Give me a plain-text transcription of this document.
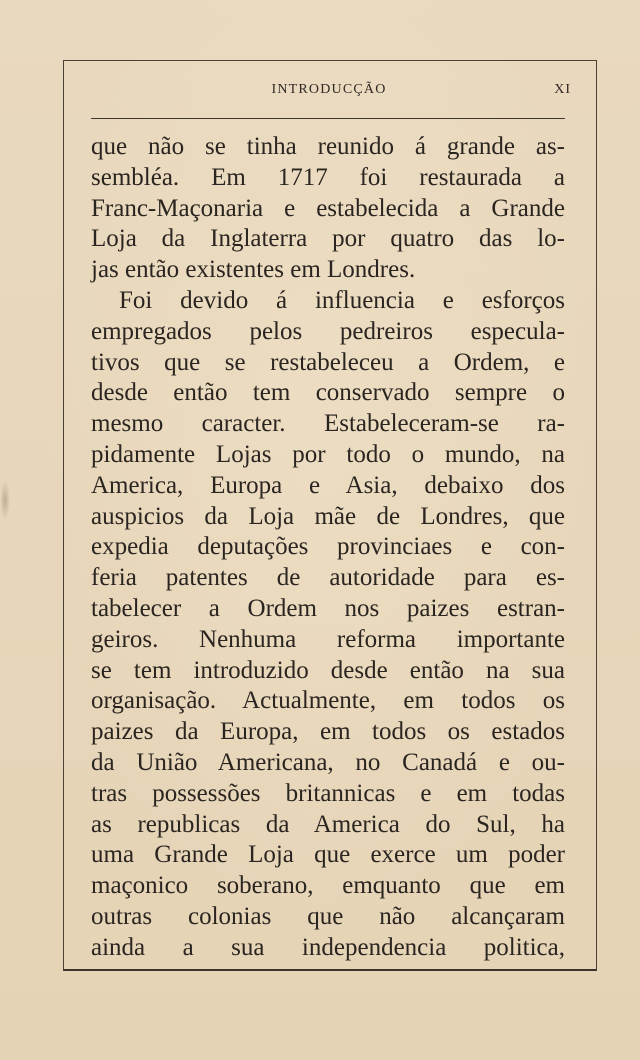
INTRODUCÇÃO	XI
que não se tinha reunido á grande as-
sembléa. Em 1717 foi restaurada a
Franc-Maçonaria e estabelecida a Grande
Loja da Inglaterra por quatro das lo-
jas então existentes em Londres.
Foi devido á influencia e esforços
empregados pelos pedreiros especula-
tivos que se restabeleceu a Ordem, e
desde então tem conservado sempre o
mesmo caracter. Estabeleceram-se ra-
pidamente Lojas por todo o mundo, na
America, Europa e Asia, debaixo dos
auspicios da Loja mãe de Londres, que
expedia deputações provinciaes e con-
feria patentes de autoridade para es-
tabelecer a Ordem nos paizes estran-
geiros. Nenhuma reforma importante
se tem introduzido desde então na sua
organisação. Actualmente, em todos os
paizes da Europa, em todos os estados
da União Americana, no Canadá e ou-
tras possessões britannicas e em todas
as republicas da America do Sul, ha
uma Grande Loja que exerce um poder
maçonico soberano, emquanto que em
outras colonias que não alcançaram
ainda a sua independencia politica,
